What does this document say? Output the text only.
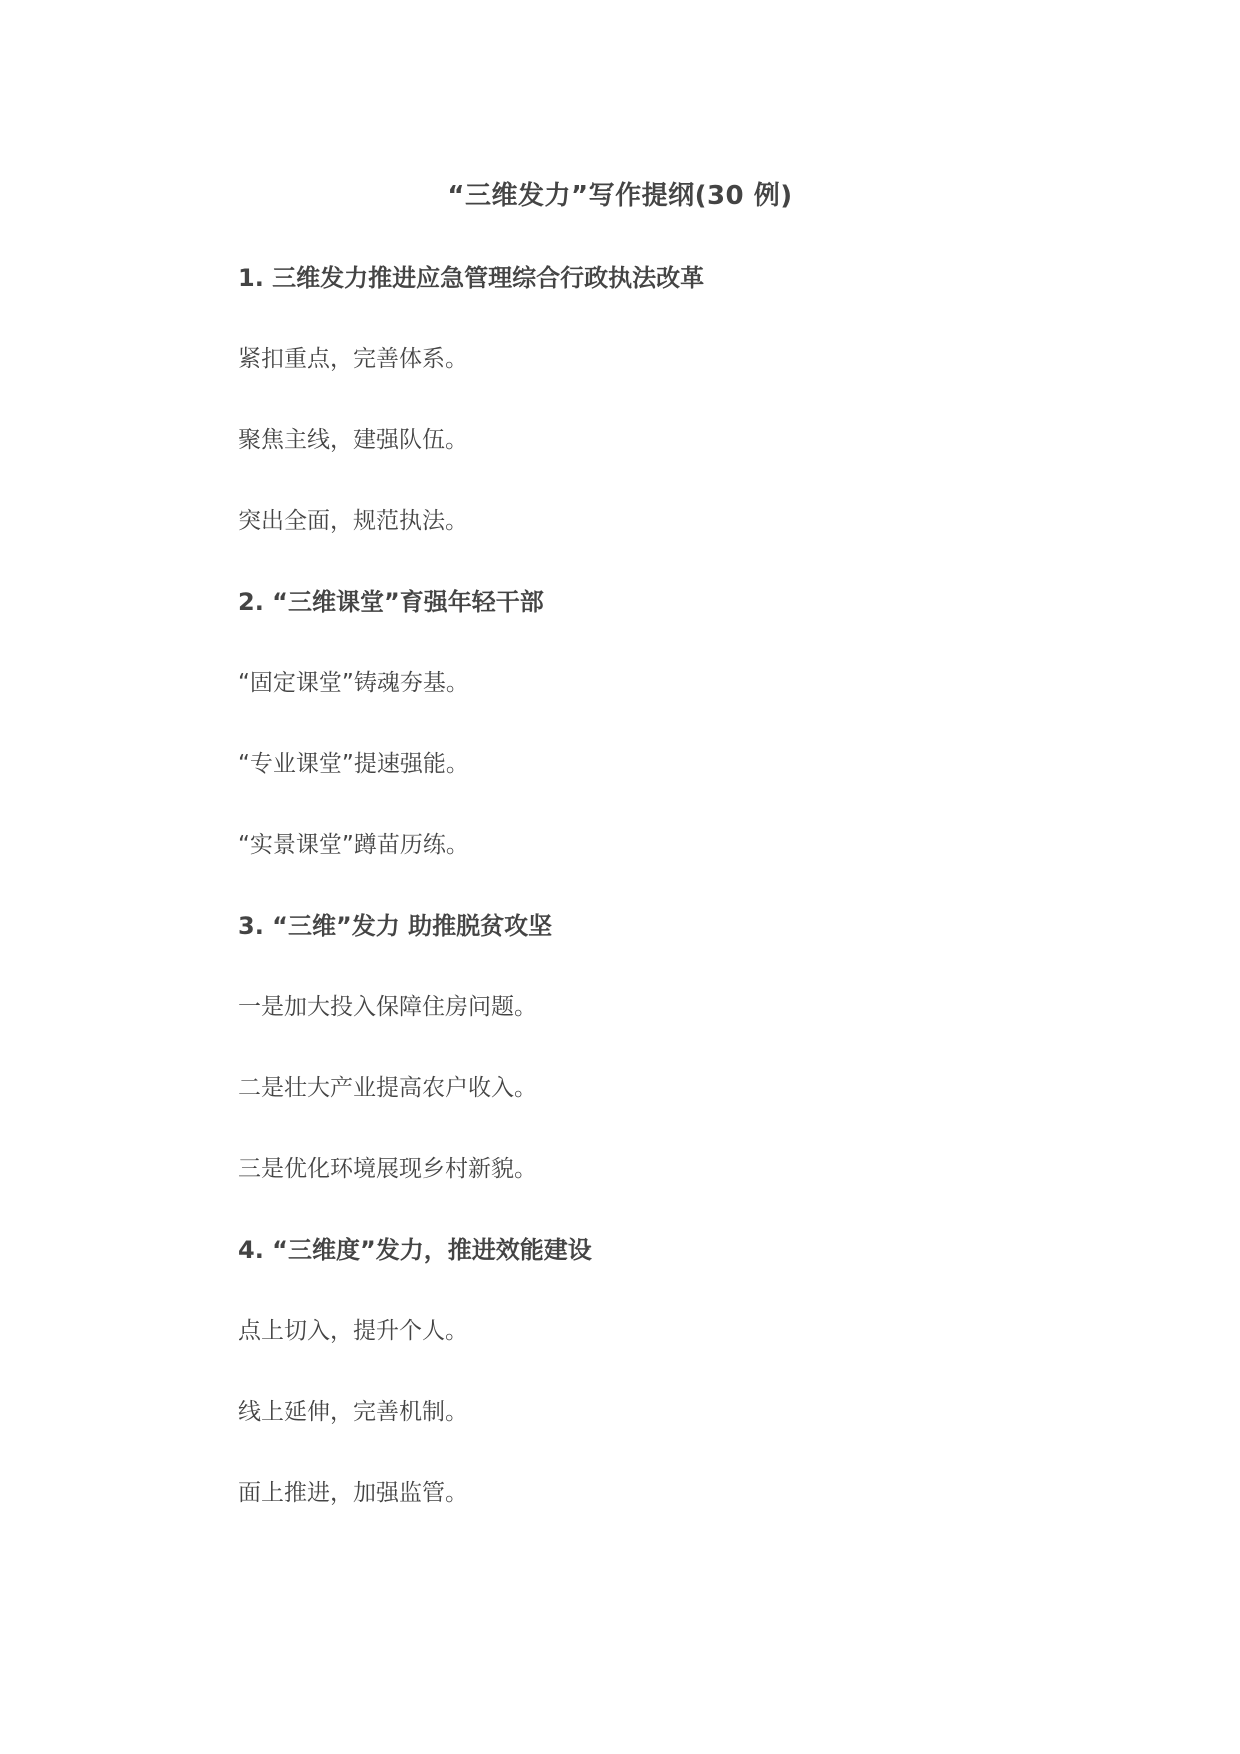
“三维发力”写作提纲(30 例)
1. 三维发力推进应急管理综合行政执法改革
紧扣重点，完善体系。
聚焦主线，建强队伍。
突出全面，规范执法。
2. “三维课堂”育强年轻干部
“固定课堂”铸魂夯基。
“专业课堂”提速强能。
“实景课堂”蹲苗历练。
3. “三维”发力 助推脱贫攻坚
一是加大投入保障住房问题。
二是壮大产业提高农户收入。
三是优化环境展现乡村新貌。
4. “三维度”发力，推进效能建设
点上切入，提升个人。
线上延伸，完善机制。
面上推进，加强监管。
